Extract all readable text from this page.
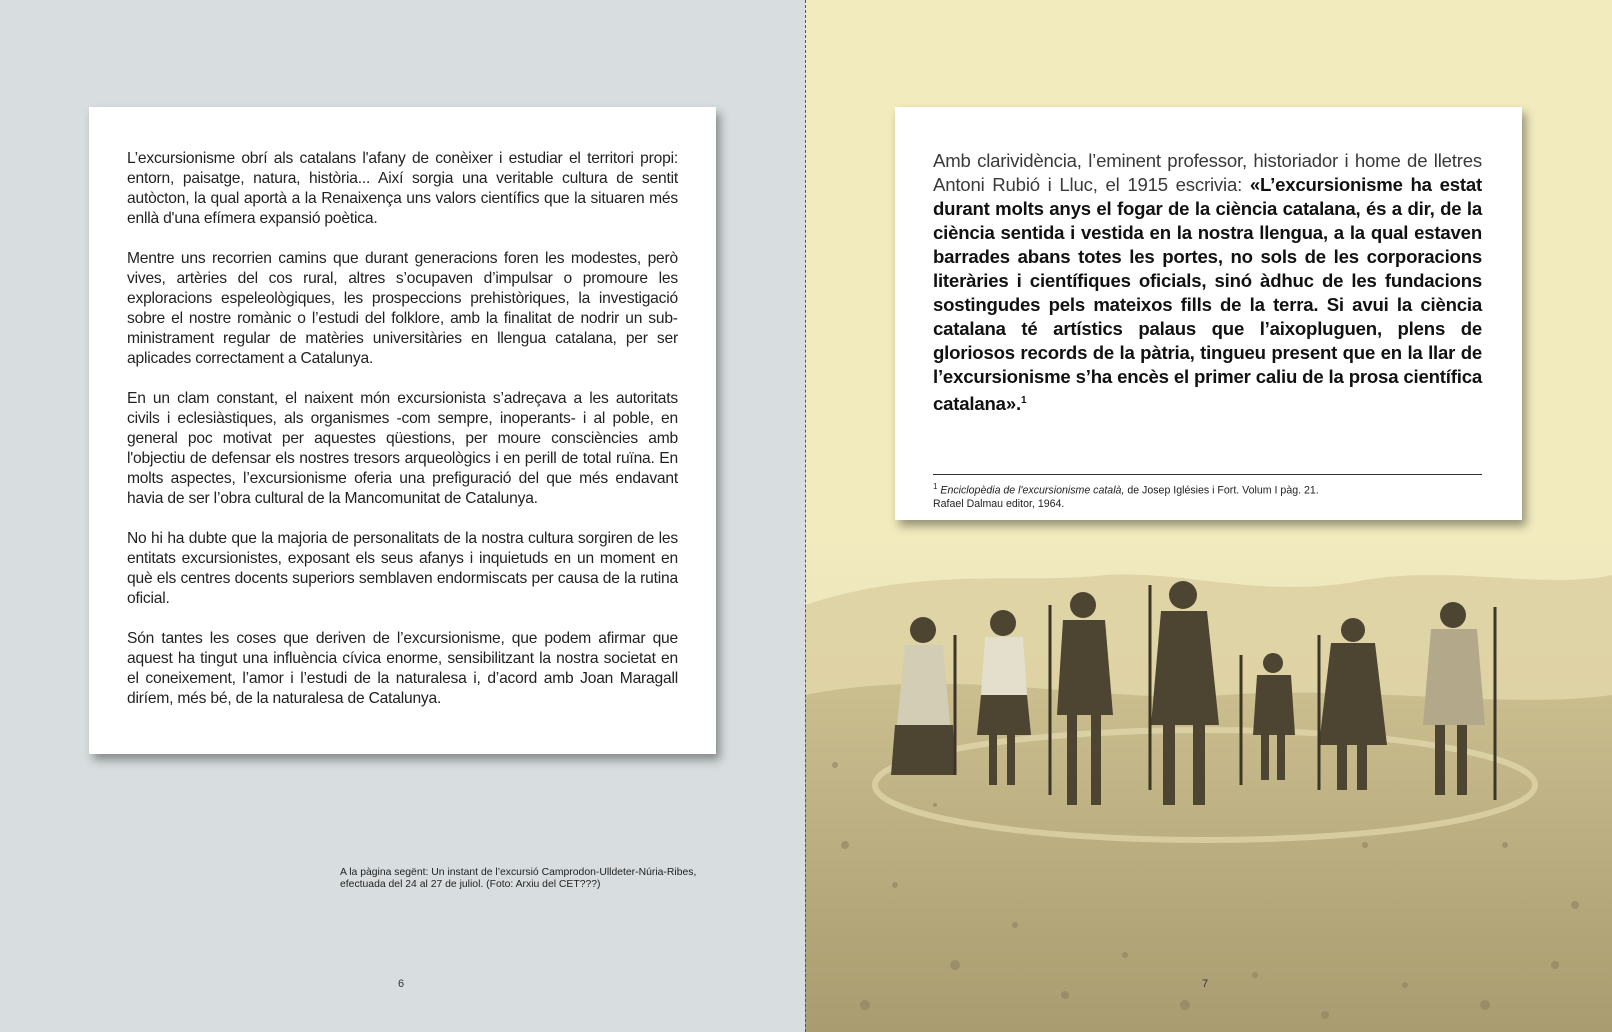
L’excursionisme obrí als catalans l'afany de conèixer i estudiar el territori propi: entorn, paisatge, natura, història... Així sorgia una veritable cultura de sentit autòcton, la qual aportà a la Renaixença uns valors científics que la situaren més enllà d'una efímera expansió poètica.

Mentre uns recorrien camins que durant generacions foren les modestes, però vives, artèries del cos rural, altres s’ocupaven d’impulsar o promoure les exploracions espeleològiques, les prospeccions prehistòriques, la investigació sobre el nostre romànic o l’estudi del folklore, amb la finalitat de nodrir un subministrament regular de matèries universitàries en llengua catalana, per ser aplicades correctament a Catalunya.

En un clam constant, el naixent món excursionista s’adreçava a les autoritats civils i eclesiàstiques, als organismes -com sempre, inoperants- i al poble, en general poc motivat per aquestes qüestions, per moure consciències amb l'objectiu de defensar els nostres tresors arqueològics i en perill de total ruïna. En molts aspectes, l’excursionisme oferia una prefiguració del que més endavant havia de ser l’obra cultural de la Mancomunitat de Catalunya.

No hi ha dubte que la majoria de personalitats de la nostra cultura sorgiren de les entitats excursionistes, exposant els seus afanys i inquietuds en un moment en què els centres docents superiors semblaven endormiscats per causa de la rutina oficial.

Són tantes les coses que deriven de l’excursionisme, que podem afirmar que aquest ha tingut una influència cívica enorme, sensibilitzant la nostra societat en el coneixement, l’amor i l’estudi de la naturalesa i, d’acord amb Joan Maragall diríem, més bé, de la naturalesa de Catalunya.

A la pàgina segënt: Un instant de l’excursió Camprodon-Ulldeter-Núria-Ribes,
efectuada del 24 al 27 de juliol. (Foto: Arxiu del CET???)
6

Amb clarividència, l’eminent professor, historiador i home de lletres Antoni Rubió i Lluc, el 1915 escrivia: «L’excursionisme ha estat durant molts anys el fogar de la ciència catalana, és a dir, de la ciència sentida i vestida en la nostra llengua, a la qual estaven barrades abans totes les portes, no sols de les corporacions literàries i científiques oficials, sinó àdhuc de les fundacions sostingudes pels mateixos fills de la terra. Si avui la ciència catalana té artístics palaus que l’aixopluguen, plens de gloriosos records de la pàtria, tingueu present que en la llar de l’excursionisme s’ha encès el primer caliu de la prosa científica catalana».$^1$

$^1$ Enciclopèdia de l'excursionisme català, de Josep Iglésies i Fort. Volum I pàg. 21.
Rafael Dalmau editor, 1964.
7
